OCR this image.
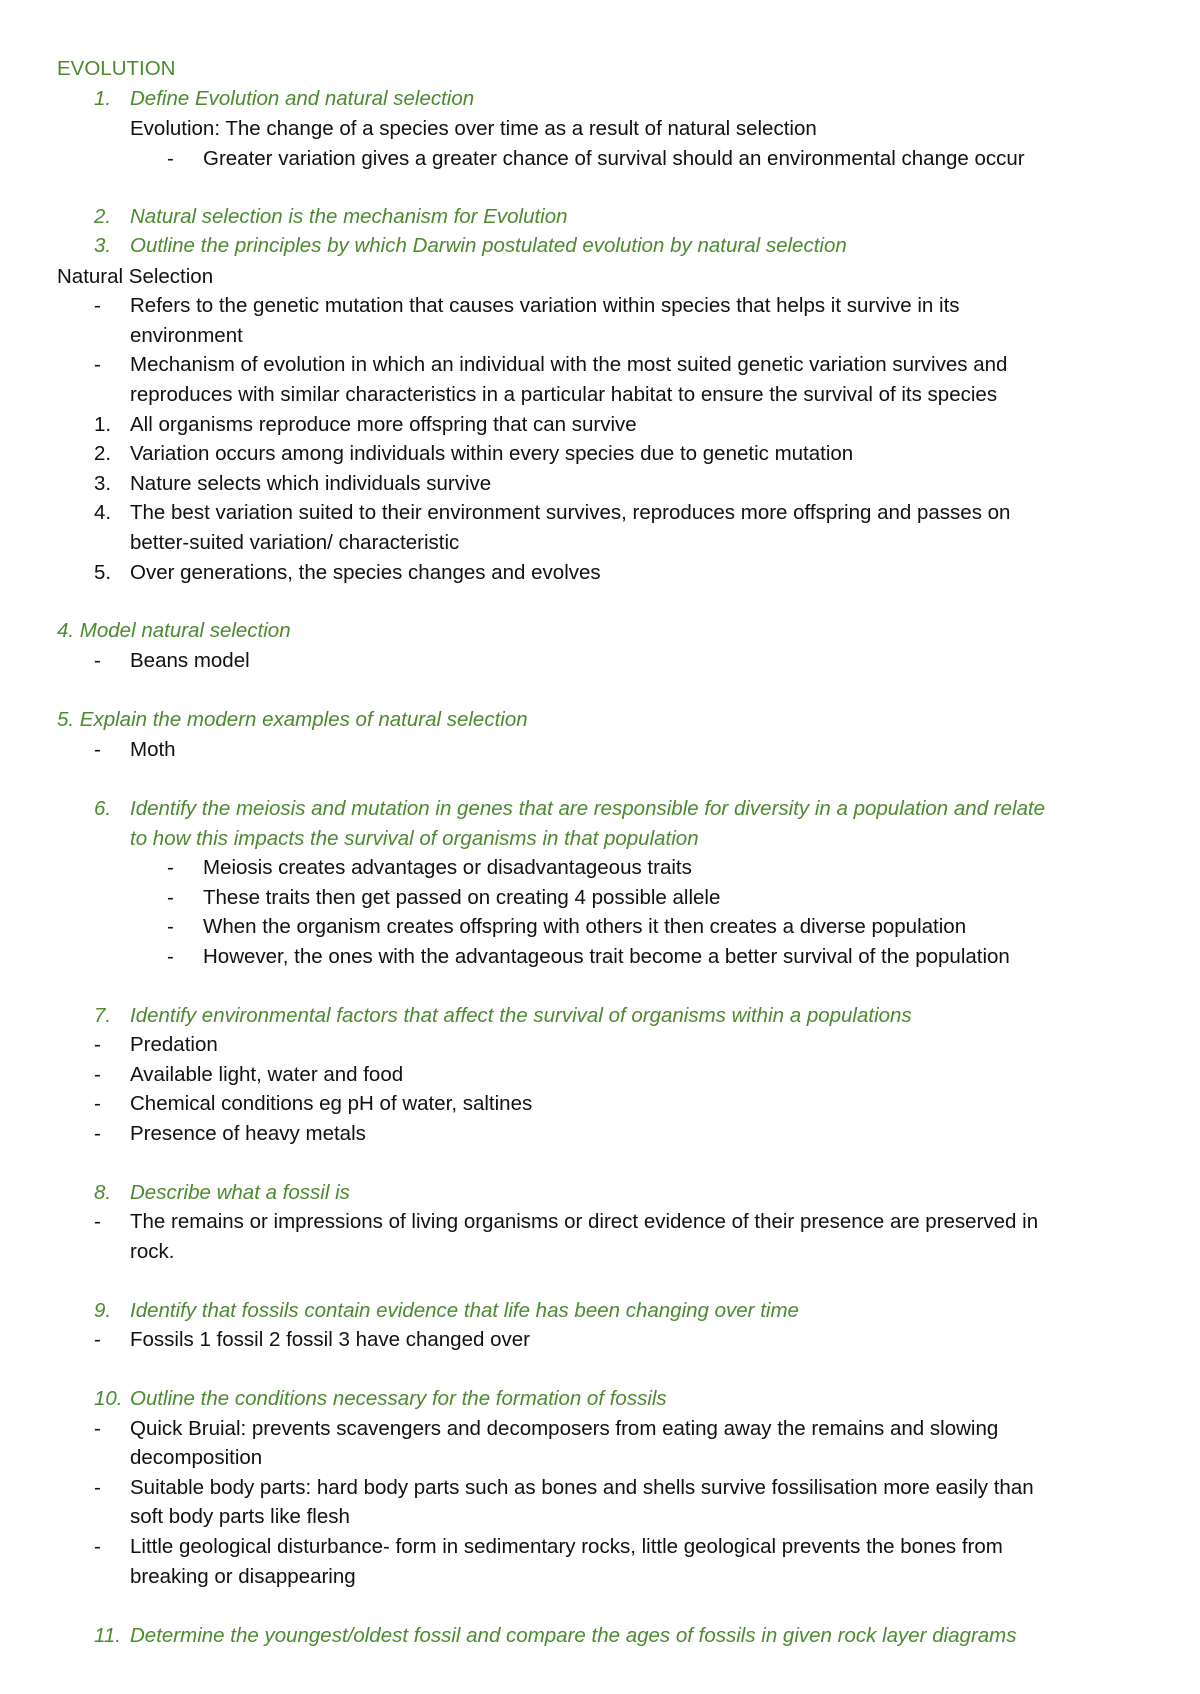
EVOLUTION
1. Define Evolution and natural selection
Evolution: The change of a species over time as a result of natural selection
- Greater variation gives a greater chance of survival should an environmental change occur
2. Natural selection is the mechanism for Evolution
3. Outline the principles by which Darwin postulated evolution by natural selection
Natural Selection
- Refers to the genetic mutation that causes variation within species that helps it survive in its
environment
- Mechanism of evolution in which an individual with the most suited genetic variation survives and
reproduces with similar characteristics in a particular habitat to ensure the survival of its species
1. All organisms reproduce more offspring that can survive
2. Variation occurs among individuals within every species due to genetic mutation
3. Nature selects which individuals survive
4. The best variation suited to their environment survives, reproduces more offspring and passes on
better-suited variation/ characteristic
5. Over generations, the species changes and evolves
4. Model natural selection
- Beans model
5. Explain the modern examples of natural selection
- Moth
6. Identify the meiosis and mutation in genes that are responsible for diversity in a population and relate
to how this impacts the survival of organisms in that population
- Meiosis creates advantages or disadvantageous traits
- These traits then get passed on creating 4 possible allele
- When the organism creates offspring with others it then creates a diverse population
- However, the ones with the advantageous trait become a better survival of the population
7. Identify environmental factors that affect the survival of organisms within a populations
- Predation
- Available light, water and food
- Chemical conditions eg pH of water, saltines
- Presence of heavy metals
8. Describe what a fossil is
- The remains or impressions of living organisms or direct evidence of their presence are preserved in
rock.
9. Identify that fossils contain evidence that life has been changing over time
- Fossils 1 fossil 2 fossil 3 have changed over
10. Outline the conditions necessary for the formation of fossils
- Quick Bruial: prevents scavengers and decomposers from eating away the remains and slowing
decomposition
- Suitable body parts: hard body parts such as bones and shells survive fossilisation more easily than
soft body parts like flesh
- Little geological disturbance- form in sedimentary rocks, little geological prevents the bones from
breaking or disappearing
11. Determine the youngest/oldest fossil and compare the ages of fossils in given rock layer diagrams
